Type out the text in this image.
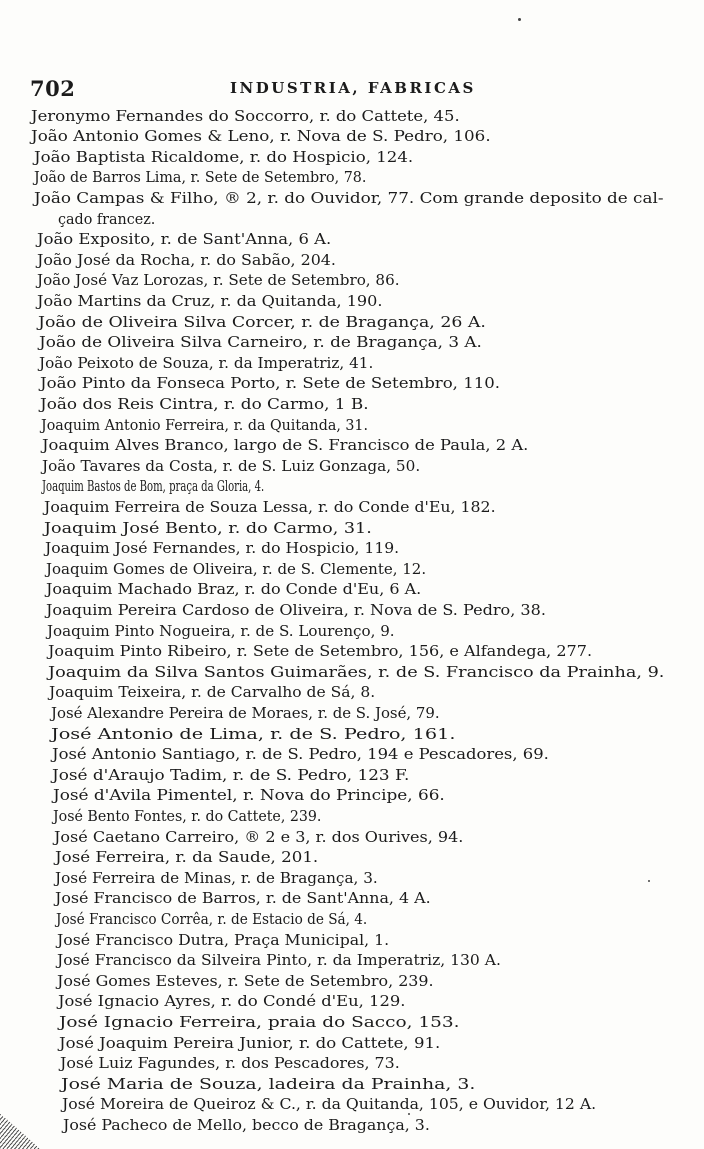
702	INDUSTRIA, FABRICAS
Jeronymo Fernandes do Soccorro, r. do Cattete, 45.
João Antonio Gomes & Leno, r. Nova de S. Pedro, 106.
João Baptista Ricaldome, r. do Hospicio, 124.
João de Barros Lima, r. Sete de Setembro, 78.
João Campas & Filho, ® 2, r. do Ouvidor, 77. Com grande deposito de cal-
çado francez.
João Exposito, r. de Sant'Anna, 6 A.
João José da Rocha, r. do Sabão, 204.
João José Vaz Lorozas, r. Sete de Setembro, 86.
João Martins da Cruz, r. da Quitanda, 190.
João de Oliveira Silva Corcer, r. de Bragança, 26 A.
João de Oliveira Silva Carneiro, r. de Bragança, 3 A.
João Peixoto de Souza, r. da Imperatriz, 41.
João Pinto da Fonseca Porto, r. Sete de Setembro, 110.
João dos Reis Cintra, r. do Carmo, 1 B.
Joaquim Antonio Ferreira, r. da Quitanda, 31.
Joaquim Alves Branco, largo de S. Francisco de Paula, 2 A.
João Tavares da Costa, r. de S. Luiz Gonzaga, 50.
Joaquim Bastos de Bom, praça da Gloria, 4.
Joaquim Ferreira de Souza Lessa, r. do Conde d'Eu, 182.
Joaquim José Bento, r. do Carmo, 31.
Joaquim José Fernandes, r. do Hospicio, 119.
Joaquim Gomes de Oliveira, r. de S. Clemente, 12.
Joaquim Machado Braz, r. do Conde d'Eu, 6 A.
Joaquim Pereira Cardoso de Oliveira, r. Nova de S. Pedro, 38.
Joaquim Pinto Nogueira, r. de S. Lourenço, 9.
Joaquim Pinto Ribeiro, r. Sete de Setembro, 156, e Alfandega, 277.
Joaquim da Silva Santos Guimarães, r. de S. Francisco da Prainha, 9.
Joaquim Teixeira, r. de Carvalho de Sá, 8.
José Alexandre Pereira de Moraes, r. de S. José, 79.
José Antonio de Lima, r. de S. Pedro, 161.
José Antonio Santiago, r. de S. Pedro, 194 e Pescadores, 69.
José d'Araujo Tadim, r. de S. Pedro, 123 F.
José d'Avila Pimentel, r. Nova do Principe, 66.
José Bento Fontes, r. do Cattete, 239.
José Caetano Carreiro, ® 2 e 3, r. dos Ourives, 94.
José Ferreira, r. da Saude, 201.
José Ferreira de Minas, r. de Bragança, 3.
José Francisco de Barros, r. de Sant'Anna, 4 A.
José Francisco Corrêa, r. de Estacio de Sá, 4.
José Francisco Dutra, Praça Municipal, 1.
José Francisco da Silveira Pinto, r. da Imperatriz, 130 A.
José Gomes Esteves, r. Sete de Setembro, 239.
José Ignacio Ayres, r. do Condé d'Eu, 129.
José Ignacio Ferreira, praia do Sacco, 153.
José Joaquim Pereira Junior, r. do Cattete, 91.
José Luiz Fagundes, r. dos Pescadores, 73.
José Maria de Souza, ladeira da Prainha, 3.
José Moreira de Queiroz & C., r. da Quitanda, 105, e Ouvidor, 12 A.
José Pacheco de Mello, becco de Bragança, 3.
